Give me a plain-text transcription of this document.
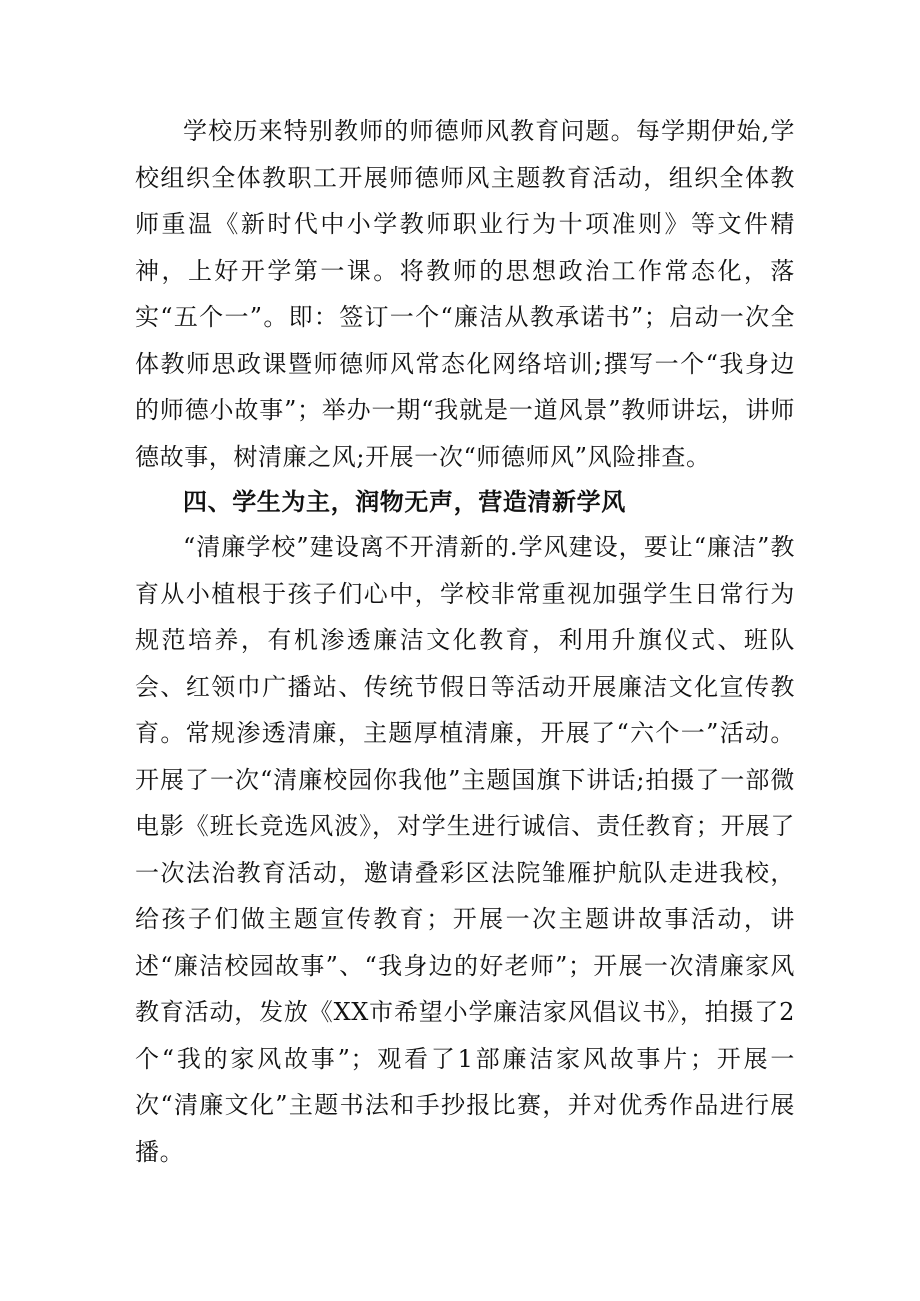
学校历来特别教师的师德师风教育问题。每学期伊始,学校组织全体教职工开展师德师风主题教育活动，组织全体教师重温《新时代中小学教师职业行为十项准则》等文件精神，上好开学第一课。将教师的思想政治工作常态化，落实“五个一”。即：签订一个“廉洁从教承诺书”；启动一次全体教师思政课暨师德师风常态化网络培训;撰写一个“我身边的师德小故事”；举办一期“我就是一道风景”教师讲坛，讲师德故事，树清廉之风;开展一次“师德师风”风险排查。

四、学生为主，润物无声，营造清新学风

“清廉学校”建设离不开清新的.学风建设，要让“廉洁”教育从小植根于孩子们心中，学校非常重视加强学生日常行为规范培养，有机渗透廉洁文化教育，利用升旗仪式、班队会、红领巾广播站、传统节假日等活动开展廉洁文化宣传教育。常规渗透清廉，主题厚植清廉，开展了“六个一”活动。开展了一次“清廉校园你我他”主题国旗下讲话;拍摄了一部微电影《班长竞选风波》，对学生进行诚信、责任教育；开展了一次法治教育活动，邀请叠彩区法院雏雁护航队走进我校，给孩子们做主题宣传教育；开展一次主题讲故事活动，讲述“廉洁校园故事”、“我身边的好老师”；开展一次清廉家风教育活动，发放《XX市希望小学廉洁家风倡议书》，拍摄了2个“我的家风故事”；观看了1部廉洁家风故事片；开展一次“清廉文化”主题书法和手抄报比赛，并对优秀作品进行展播。
